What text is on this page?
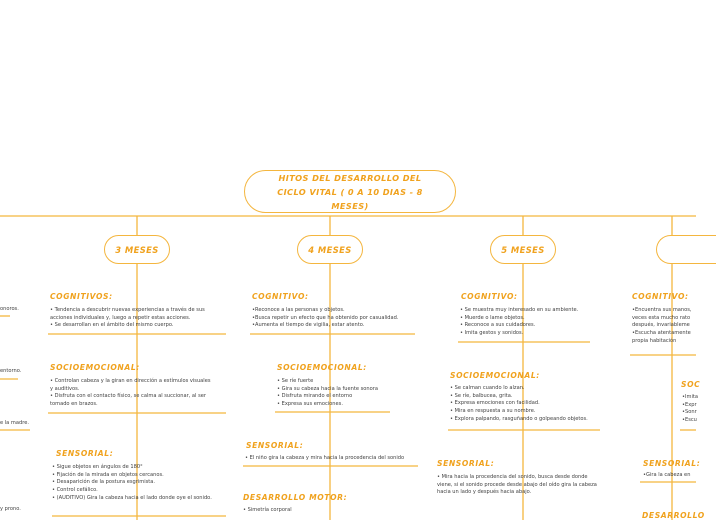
HITOS DEL DESARROLLO DEL CICLO VITAL ( 0 A 10 DIAS - 8 MESES)
3 MESES	4 MESES	5 MESES
onoros.
entorno.
e la madre.
y prono.
COGNITIVOS:
• Tendencia a descubrir nuevas experiencias a través de sus
acciones individuales y, luego a repetir estas acciones.
• Se desarrollan en el ámbito del mismo cuerpo.
SOCIOEMOCIONAL:
• Controlan cabeza y la giran en dirección a estímulos visuales
y auditivos.
• Disfruta con el contacto físico, se calma al succionar, al ser
tomado en brazos.
SENSORIAL:
• Sigue objetos en ángulos de 180°
• Fijación de la mirada en objetos cercanos.
• Desaparición de la postura esgrimista.
• Control cefálico.
• (AUDITIVO) Gira la cabeza hacia el lado donde oye el sonido.
COGNITIVO:
•Reconoce a las personas y objetos.
•Busca repetir un efecto que ha obtenido por casualidad.
•Aumenta el tiempo de vigilia, estar atento.
SOCIOEMOCIONAL:
• Se ríe fuerte
• Gira su cabeza hacia la fuente sonora
• Disfruta mirando el entorno
• Expresa sus emociones.
SENSORIAL:
• El niño gira la cabeza y mira hacia la procedencia del sonido
DESARROLLO MOTOR:
• Simetría corporal
COGNITIVO:
• Se muestra muy interesado en su ambiente.
• Muerde o lame objetos.
• Reconoce a sus cuidadores.
• Imita gestos y sonidos.
SOCIOEMOCIONAL:
• Se calman cuando lo alzan.
• Se ríe, balbucea, grita.
• Expresa emociones con facilidad.
• Mira en respuesta a su nombre.
• Explora palpando, rasguñando o golpeando objetos.
SENSORIAL:
• Mira hacia la procedencia del sonido, busca desde donde
viene, si el sonido procede desde abajo del oído gira la cabeza
hacia un lado y después hacia abajo.
COGNITIVO:
•Encuentra sus manos,
veces esta mucho rato
después, invariableme
•Escucha atentamente
propia habitación
SOC
•Imita
•Expr
•Sonr
•Escu
SENSORIAL:
•Gira la cabeza en
DESARROLLO
